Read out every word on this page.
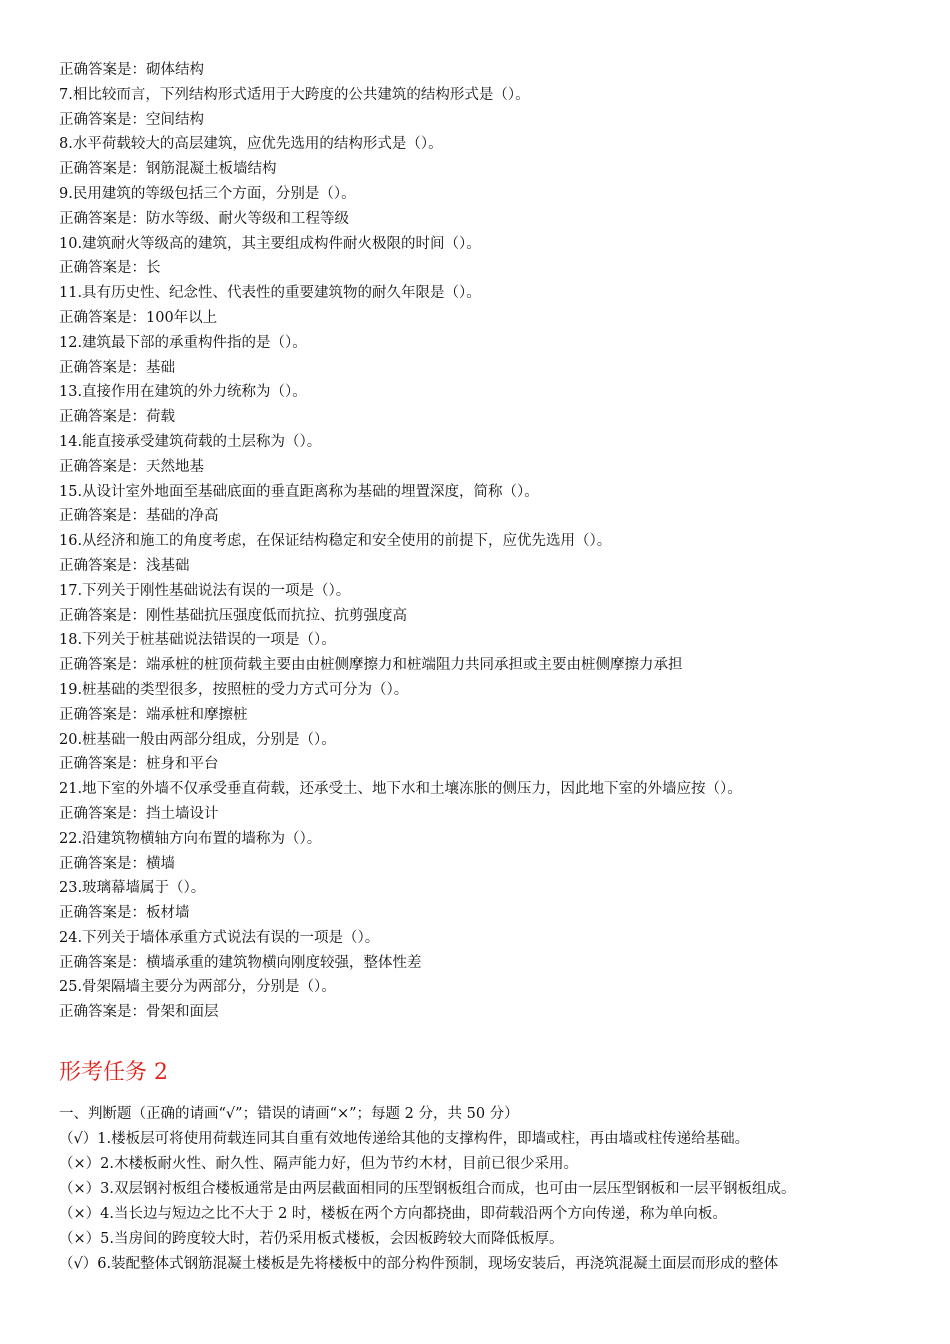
正确答案是：砌体结构
7.相比较而言，下列结构形式适用于大跨度的公共建筑的结构形式是（）。
正确答案是：空间结构
8.水平荷载较大的高层建筑，应优先选用的结构形式是（）。
正确答案是：钢筋混凝土板墙结构
9.民用建筑的等级包括三个方面，分别是（）。
正确答案是：防水等级、耐火等级和工程等级
10.建筑耐火等级高的建筑，其主要组成构件耐火极限的时间（）。
正确答案是：长
11.具有历史性、纪念性、代表性的重要建筑物的耐久年限是（）。
正确答案是：100年以上
12.建筑最下部的承重构件指的是（）。
正确答案是：基础
13.直接作用在建筑的外力统称为（）。
正确答案是：荷载
14.能直接承受建筑荷载的土层称为（）。
正确答案是：天然地基
15.从设计室外地面至基础底面的垂直距离称为基础的埋置深度，简称（）。
正确答案是：基础的净高
16.从经济和施工的角度考虑，在保证结构稳定和安全使用的前提下，应优先选用（）。
正确答案是：浅基础
17.下列关于刚性基础说法有误的一项是（）。
正确答案是：刚性基础抗压强度低而抗拉、抗剪强度高
18.下列关于桩基础说法错误的一项是（）。
正确答案是：端承桩的桩顶荷载主要由由桩侧摩擦力和桩端阻力共同承担或主要由桩侧摩擦力承担
19.桩基础的类型很多，按照桩的受力方式可分为（）。
正确答案是：端承桩和摩擦桩
20.桩基础一般由两部分组成，分别是（）。
正确答案是：桩身和平台
21.地下室的外墙不仅承受垂直荷载，还承受土、地下水和土壤冻胀的侧压力，因此地下室的外墙应按（）。
正确答案是：挡土墙设计
22.沿建筑物横轴方向布置的墙称为（）。
正确答案是：横墙
23.玻璃幕墙属于（）。
正确答案是：板材墙
24.下列关于墙体承重方式说法有误的一项是（）。
正确答案是：横墙承重的建筑物横向刚度较强，整体性差
25.骨架隔墙主要分为两部分，分别是（）。
正确答案是：骨架和面层
形考任务 2
一、判断题（正确的请画“√”；错误的请画“×”；每题 2 分，共 50 分）
（√）1.楼板层可将使用荷载连同其自重有效地传递给其他的支撑构件，即墙或柱，再由墙或柱传递给基础。
（×）2.木楼板耐火性、耐久性、隔声能力好，但为节约木材，目前已很少采用。
（×）3.双层钢衬板组合楼板通常是由两层截面相同的压型钢板组合而成，也可由一层压型钢板和一层平钢板组成。
（×）4.当长边与短边之比不大于 2 时，楼板在两个方向都挠曲，即荷载沿两个方向传递，称为单向板。
（×）5.当房间的跨度较大时，若仍采用板式楼板，会因板跨较大而降低板厚。
（√）6.装配整体式钢筋混凝土楼板是先将楼板中的部分构件预制，现场安装后，再浇筑混凝土面层而形成的整体
